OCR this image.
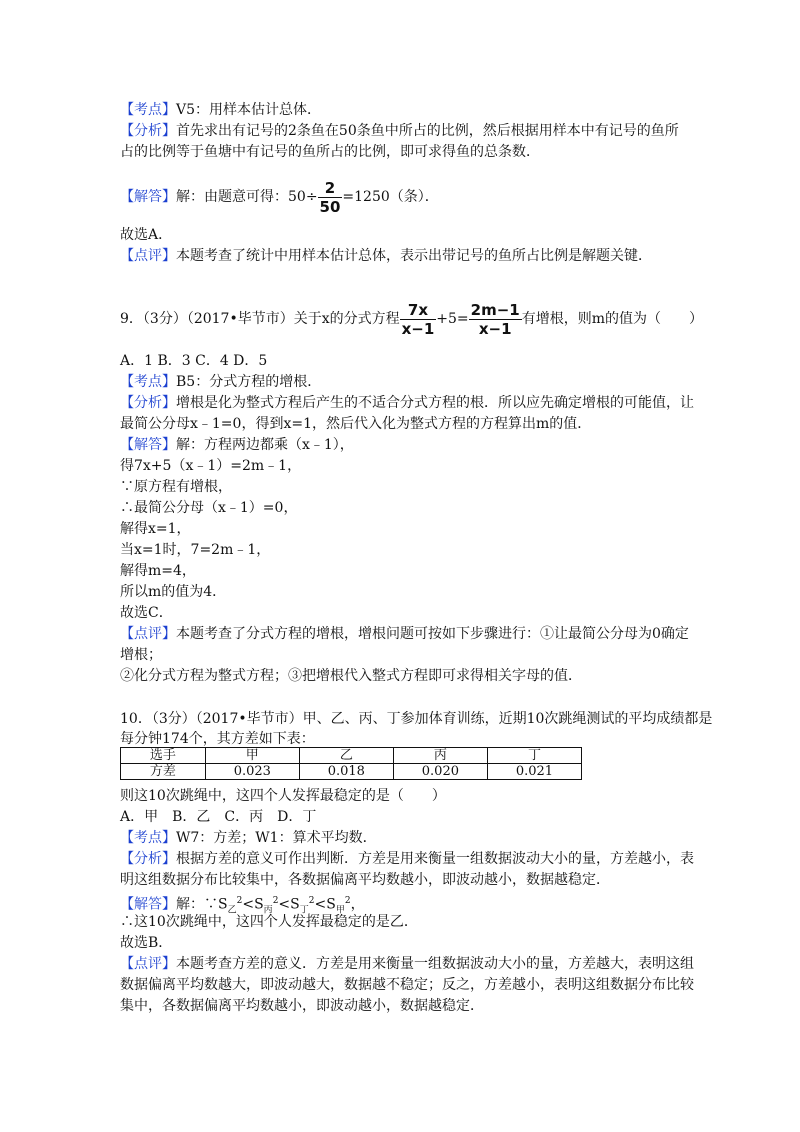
【考点】V5：用样本估计总体．
【分析】首先求出有记号的2条鱼在50条鱼中所占的比例，然后根据用样本中有记号的鱼所
占的比例等于鱼塘中有记号的鱼所占的比例，即可求得鱼的总条数．
【解答】解：由题意可得：$50\div \frac{2}{50} =1250$（条）．
故选A．
【点评】本题考查了统计中用样本估计总体，表示出带记号的鱼所占比例是解题关键．
9．（3分）（2017•毕节市）关于x的分式方程 $\frac{7x}{x-1} +5= \frac{2m-1}{x-1}$ 有增根，则m的值为（　　）
A．1 B．3 C．4 D．5
【考点】B5：分式方程的增根．
【分析】增根是化为整式方程后产生的不适合分式方程的根．所以应先确定增根的可能值，让
最简公分母x﹣1=0，得到x=1，然后代入化为整式方程的方程算出m的值．
【解答】解：方程两边都乘（x﹣1），
得7x+5（x﹣1）=2m﹣1，
∵原方程有增根，
∴最简公分母（x﹣1）=0，
解得x=1，
当x=1时，7=2m﹣1，
解得m=4，
所以m的值为4．
故选C．
【点评】本题考查了分式方程的增根，增根问题可按如下步骤进行：①让最简公分母为0确定
增根；
②化分式方程为整式方程；③把增根代入整式方程即可求得相关字母的值．
10．（3分）（2017•毕节市）甲、乙、丙、丁参加体育训练，近期10次跳绳测试的平均成绩都是
每分钟174个，其方差如下表：
选手	甲	乙	丙	丁
方差	0.023	0.018	0.020	0.021
则这10次跳绳中，这四个人发挥最稳定的是（　　）
A．甲　B．乙　C．丙　D．丁
【考点】W7：方差；W1：算术平均数．
【分析】根据方差的意义可作出判断．方差是用来衡量一组数据波动大小的量，方差越小，表
明这组数据分布比较集中，各数据偏离平均数越小，即波动越小，数据越稳定．
【解答】解：$\because S_乙^2<S_丙^2<S_丁^2<S_甲^2$，
∴这10次跳绳中，这四个人发挥最稳定的是乙．
故选B．
【点评】本题考查方差的意义．方差是用来衡量一组数据波动大小的量，方差越大，表明这组
数据偏离平均数越大，即波动越大，数据越不稳定；反之，方差越小，表明这组数据分布比较
集中，各数据偏离平均数越小，即波动越小，数据越稳定．
